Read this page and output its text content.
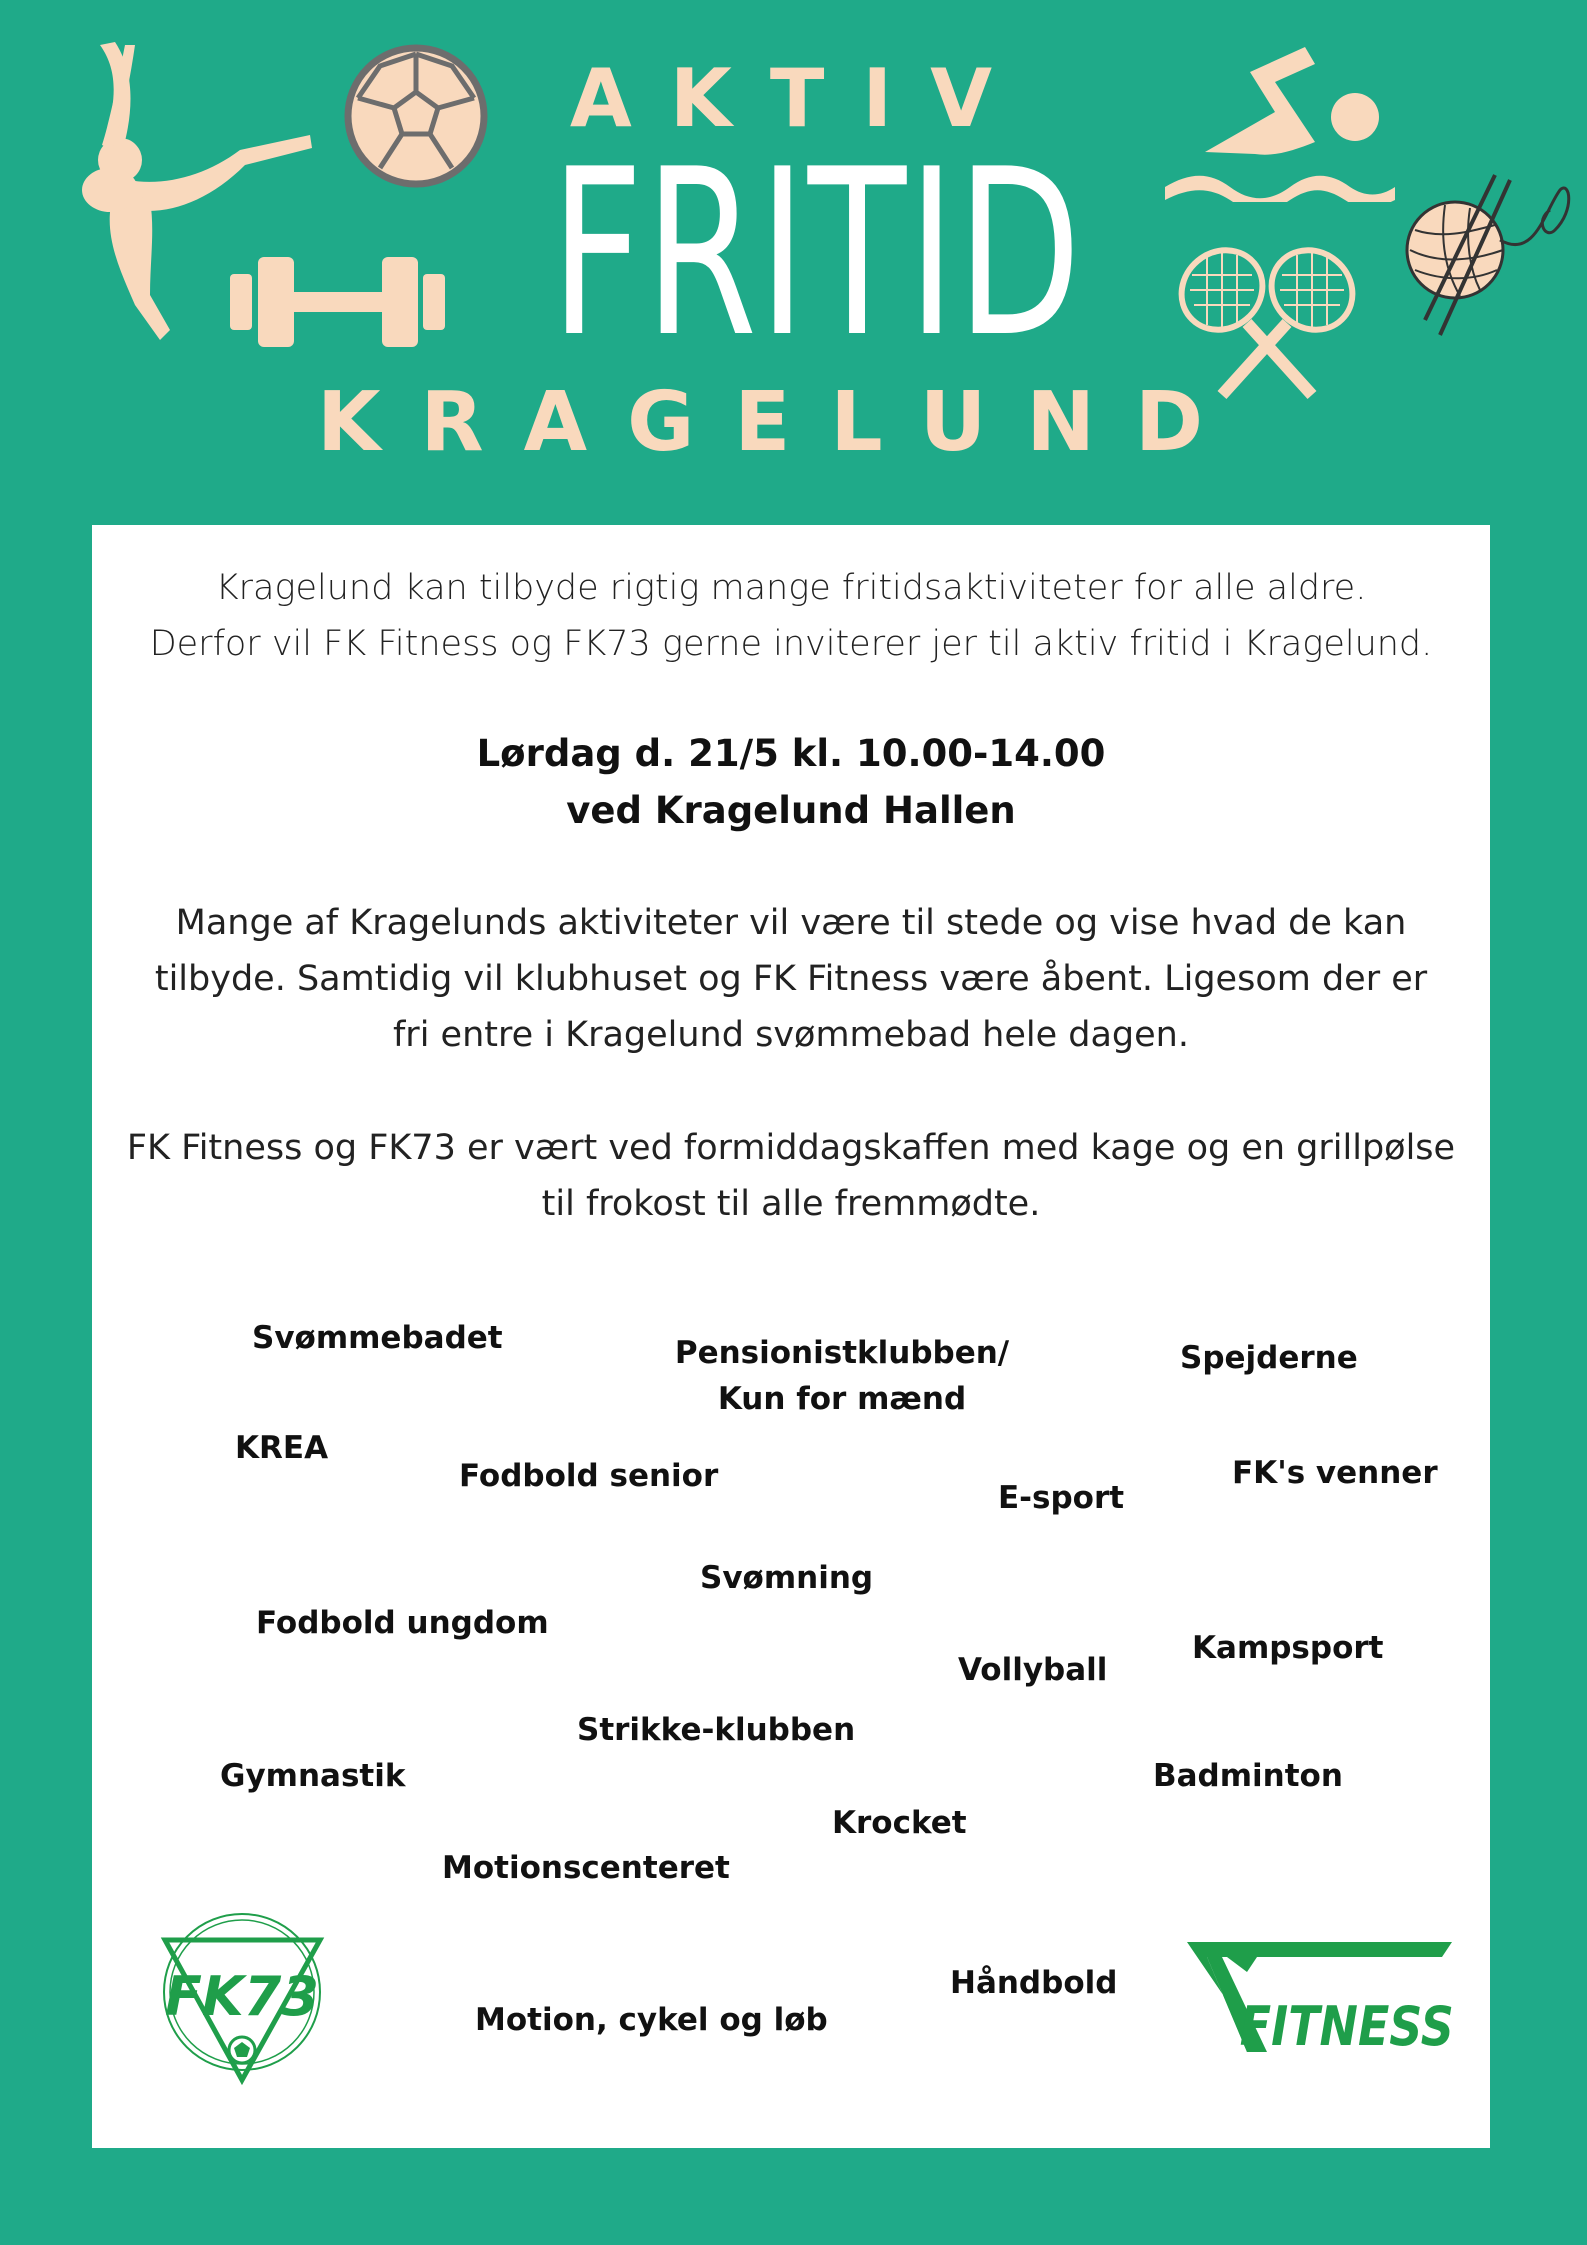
AKTIV
FRITID
KRAGELUND
Kragelund kan tilbyde rigtig mange fritidsaktiviteter for alle aldre.
Derfor vil FK Fitness og FK73 gerne inviterer jer til aktiv fritid i Kragelund.
Lørdag d. 21/5 kl. 10.00-14.00
ved Kragelund Hallen
Mange af Kragelunds aktiviteter vil være til stede og vise hvad de kan tilbyde. Samtidig vil klubhuset og FK Fitness være åbent. Ligesom der er fri entre i Kragelund svømmebad hele dagen.
FK Fitness og FK73 er vært ved formiddagskaffen med kage og en grillpølse til frokost til alle fremmødte.
Svømmebadet	Pensionistklubben/
Kun for mænd
Spejderne
KREA
Fodbold senior
E-sport
FK's venner
Svømning
Fodbold ungdom
Kampsport
Vollyball
Strikke-klubben
Gymnastik	Badminton
Krocket
Motionscenteret
Håndbold
Motion, cykel og løb
FK73	FITNESS
